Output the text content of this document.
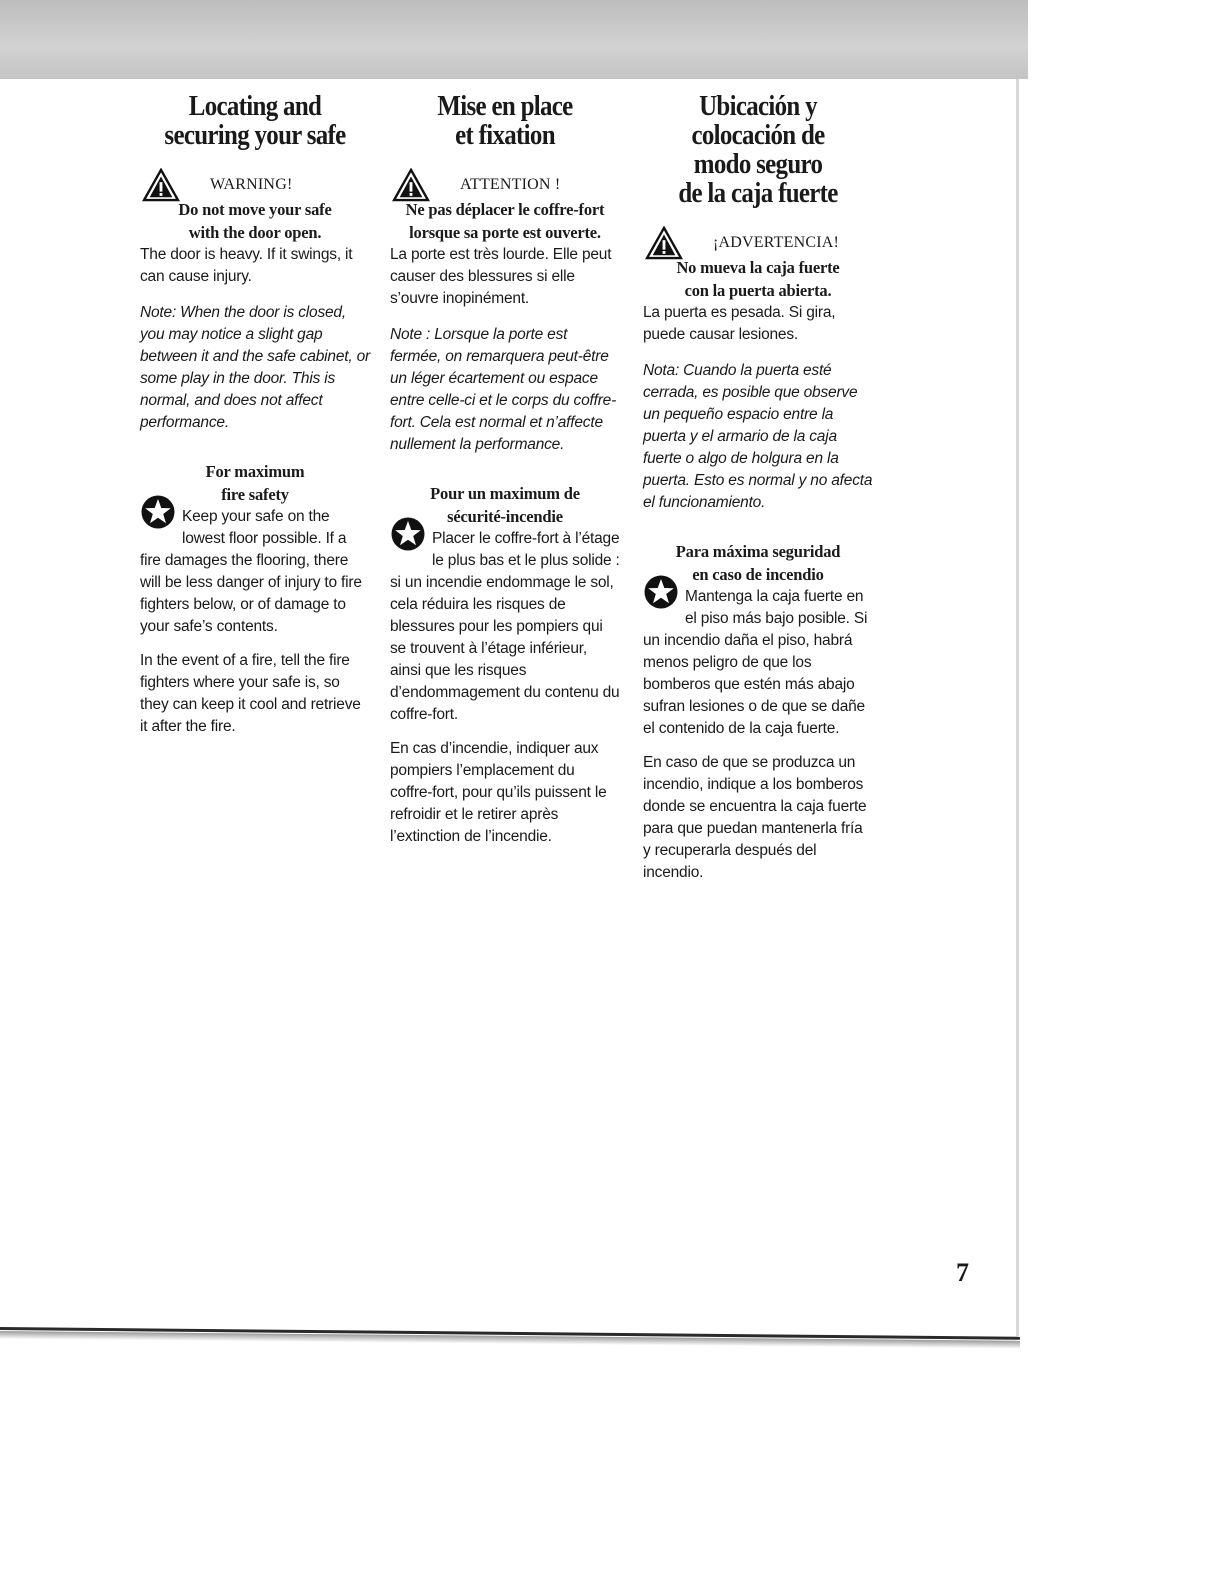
Locating and
securing your safe
WARNING!
Do not move your safe
with the door open.

The door is heavy. If it swings, it can cause injury.

Note: When the door is closed, you may notice a slight gap between it and the safe cabinet, or some play in the door. This is normal, and does not affect performance.

For maximum
fire safety

Keep your safe on the lowest floor possible. If a fire damages the flooring, there will be less danger of injury to fire fighters below, or of damage to your safe’s contents.

In the event of a fire, tell the fire fighters where your safe is, so they can keep it cool and retrieve it after the fire.

Mise en place
et fixation
ATTENTION !
Ne pas déplacer le coffre-fort
lorsque sa porte est ouverte.

La porte est très lourde. Elle peut causer des blessures si elle s’ouvre inopinément.

Note : Lorsque la porte est fermée, on remarquera peut-être un léger écartement ou espace entre celle-ci et le corps du coffre-fort. Cela est normal et n’affecte nullement la performance.

Pour un maximum de
sécurité-incendie

Placer le coffre-fort à l’étage le plus bas et le plus solide : si un incendie endommage le sol, cela réduira les risques de blessures pour les pompiers qui se trouvent à l’étage inférieur, ainsi que les risques d’endommagement du contenu du coffre-fort.

En cas d’incendie, indiquer aux pompiers l’emplacement du coffre-fort, pour qu’ils puissent le refroidir et le retirer après l’extinction de l’incendie.

Ubicación y
colocación de
modo seguro
de la caja fuerte
¡ADVERTENCIA!
No mueva la caja fuerte
con la puerta abierta.

La puerta es pesada. Si gira, puede causar lesiones.

Nota: Cuando la puerta esté cerrada, es posible que observe un pequeño espacio entre la puerta y el armario de la caja fuerte o algo de holgura en la puerta. Esto es normal y no afecta el funcionamiento.

Para máxima seguridad
en caso de incendio

Mantenga la caja fuerte en el piso más bajo posible. Si un incendio daña el piso, habrá menos peligro de que los bomberos que estén más abajo sufran lesiones o de que se dañe el contenido de la caja fuerte.

En caso de que se produzca un incendio, indique a los bomberos donde se encuentra la caja fuerte para que puedan mantenerla fría y recuperarla después del incendio.

7
